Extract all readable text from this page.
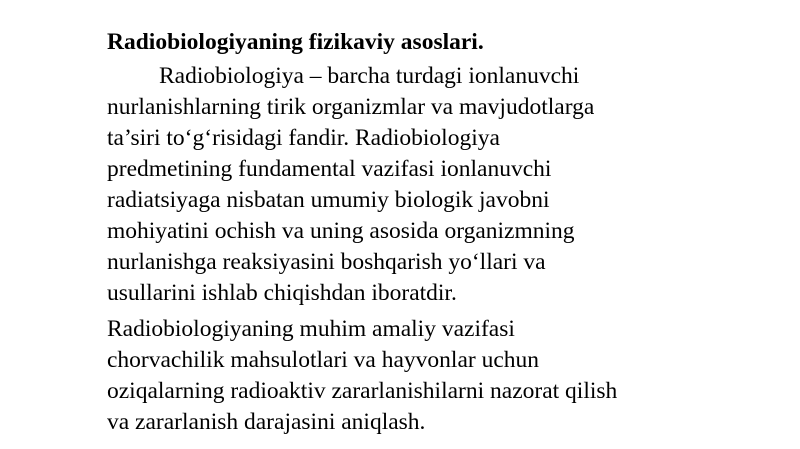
Radiobiologiyaning fizikaviy asoslari.
Radiobiologiya – barcha turdagi ionlanuvchi
nurlanishlarning tirik organizmlar va mavjudotlarga
ta’siri to‘g‘risidagi fandir. Radiobiologiya
predmetining fundamental vazifasi ionlanuvchi
radiatsiyaga nisbatan umumiy biologik javobni
mohiyatini ochish va uning asosida organizmning
nurlanishga reaksiyasini boshqarish yo‘llari va
usullarini ishlab chiqishdan iboratdir.
Radiobiologiyaning muhim amaliy vazifasi
chorvachilik mahsulotlari va hayvonlar uchun
oziqalarning radioaktiv zararlanishilarni nazorat qilish
va zararlanish darajasini aniqlash.
